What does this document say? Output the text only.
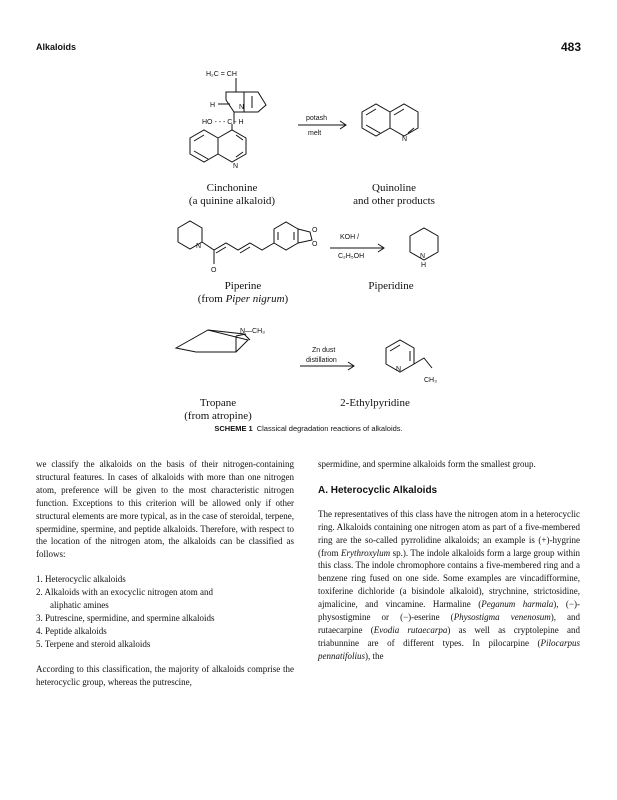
Alkaloids	483
H₂C = CH
H	N
HO - - - C - H
N
potash
melt
N
N
O
O
O
KOH /
C₂H₅OH	N
H
N—CH₃
Zn dust
distillation
N
CH₃
Cinchonine
(a quinine alkaloid)
Quinoline
and other products
Piperine
(from Piper nigrum)
Piperidine
Tropane
(from atropine)
2-Ethylpyridine
SCHEME 1 Classical degradation reactions of alkaloids.

we classify the alkaloids on the basis of their nitrogen-containing structural features. In cases of alkaloids with more than one nitrogen atom, preference will be given to the most characteristic nitrogen function. Exceptions to this criterion will be allowed only if other structural elements are more typical, as in the case of steroidal, terpene, spermidine, spermine, and peptide alkaloids. Therefore, with respect to the location of the nitrogen atom, the alkaloids can be classified as follows:

1. Heterocyclic alkaloids
2. Alkaloids with an exocyclic nitrogen atom and
aliphatic amines
3. Putrescine, spermidine, and spermine alkaloids
4. Peptide alkaloids
5. Terpene and steroid alkaloids

According to this classification, the majority of alkaloids comprise the heterocyclic group, whereas the putrescine,

spermidine, and spermine alkaloids form the smallest group.

A. Heterocyclic Alkaloids

The representatives of this class have the nitrogen atom in a heterocyclic ring. Alkaloids containing one nitrogen atom as part of a five-membered ring are the so-called pyrrolidine alkaloids; an example is (+)-hygrine (from Erythroxylum sp.). The indole alkaloids form a large group within this class. The indole chromophore contains a five-membered ring and a benzene ring fused on one side. Some examples are vincadifformine, toxiferine dichloride (a bisindole alkaloid), strychnine, strictosidine, ajmalicine, and vincamine. Harmaline (Peganum harmala), (−)-physostigmine or (−)-eserine (Physostigma venenosum), and rutaecarpine (Evodia rutaecarpa) as well as cryptolepine and triabunnine are of different types. In pilocarpine (Pilocarpus pennatifolius), the
